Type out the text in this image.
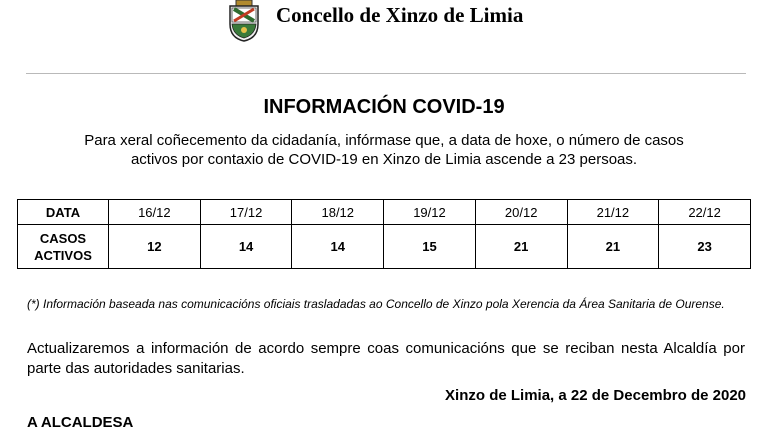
Concello de Xinzo de Limia
INFORMACIÓN COVID-19
Para xeral coñecemento da cidadanía, infórmase que, a data de hoxe, o número de casos
activos por contaxio de COVID-19 en Xinzo de Limia ascende a 23 persoas.
DATA	16/12	17/12	18/12	19/12	20/12	21/12	22/12

CASOS
ACTIVOS	12	14	14	15	21	21	23
(*) Información baseada nas comunicacións oficiais trasladadas ao Concello de Xinzo pola Xerencia da Área Sanitaria de Ourense.
Actualizaremos a información de acordo sempre coas comunicacións que se reciban nesta Alcaldía por parte das autoridades sanitarias.
Xinzo de Limia, a 22 de Decembro de 2020
A ALCALDESA
